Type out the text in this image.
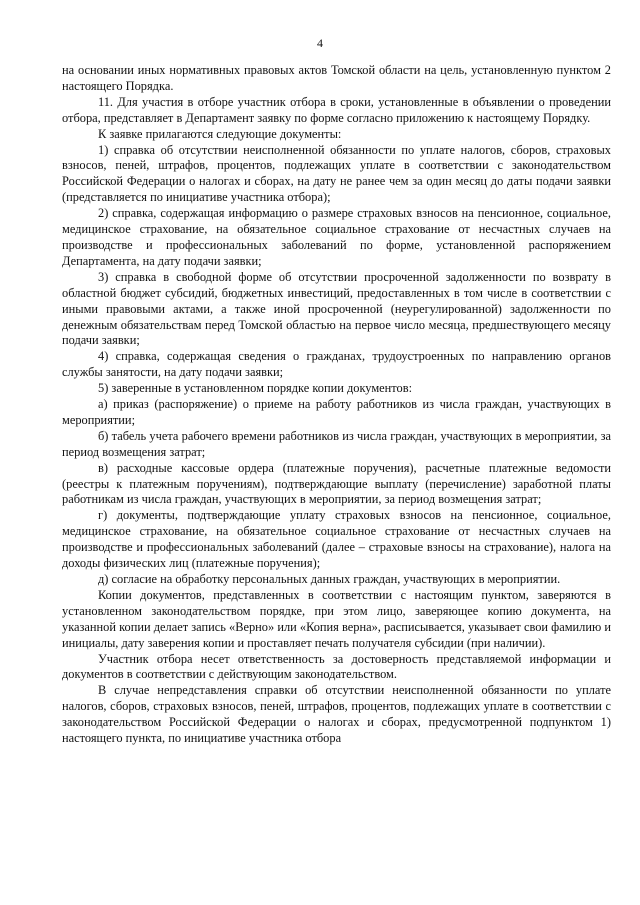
4

на основании иных нормативных правовых актов Томской области на цель, установленную пунктом 2 настоящего Порядка.

11. Для участия в отборе участник отбора в сроки, установленные в объявлении о проведении отбора, представляет в Департамент заявку по форме согласно приложению к настоящему Порядку.

К заявке прилагаются следующие документы:

1) справка об отсутствии неисполненной обязанности по уплате налогов, сборов, страховых взносов, пеней, штрафов, процентов, подлежащих уплате в соответствии с законодательством Российской Федерации о налогах и сборах, на дату не ранее чем за один месяц до даты подачи заявки (представляется по инициативе участника отбора);

2) справка, содержащая информацию о размере страховых взносов на пенсионное, социальное, медицинское страхование, на обязательное социальное страхование от несчастных случаев на производстве и профессиональных заболеваний по форме, установленной распоряжением Департамента, на дату подачи заявки;

3) справка в свободной форме об отсутствии просроченной задолженности по возврату в областной бюджет субсидий, бюджетных инвестиций, предоставленных в том числе в соответствии с иными правовыми актами, а также иной просроченной (неурегулированной) задолженности по денежным обязательствам перед Томской областью на первое число месяца, предшествующего месяцу подачи заявки;

4) справка, содержащая сведения о гражданах, трудоустроенных по направлению органов службы занятости, на дату подачи заявки;

5) заверенные в установленном порядке копии документов:

а) приказ (распоряжение) о приеме на работу работников из числа граждан, участвующих в мероприятии;

б) табель учета рабочего времени работников из числа граждан, участвующих в мероприятии, за период возмещения затрат;

в) расходные кассовые ордера (платежные поручения), расчетные платежные ведомости (реестры к платежным поручениям), подтверждающие выплату (перечисление) заработной платы работникам из числа граждан, участвующих в мероприятии, за период возмещения затрат;

г) документы, подтверждающие уплату страховых взносов на пенсионное, социальное, медицинское страхование, на обязательное социальное страхование от несчастных случаев на производстве и профессиональных заболеваний (далее – страховые взносы на страхование), налога на доходы физических лиц (платежные поручения);

д) согласие на обработку персональных данных граждан, участвующих в мероприятии.

Копии документов, представленных в соответствии с настоящим пунктом, заверяются в установленном законодательством порядке, при этом лицо, заверяющее копию документа, на указанной копии делает запись «Верно» или «Копия верна», расписывается, указывает свои фамилию и инициалы, дату заверения копии и проставляет печать получателя субсидии (при наличии).

Участник отбора несет ответственность за достоверность представляемой информации и документов в соответствии с действующим законодательством.

В случае непредставления справки об отсутствии неисполненной обязанности по уплате налогов, сборов, страховых взносов, пеней, штрафов, процентов, подлежащих уплате в соответствии с законодательством Российской Федерации о налогах и сборах, предусмотренной подпунктом 1) настоящего пункта, по инициативе участника отбора
